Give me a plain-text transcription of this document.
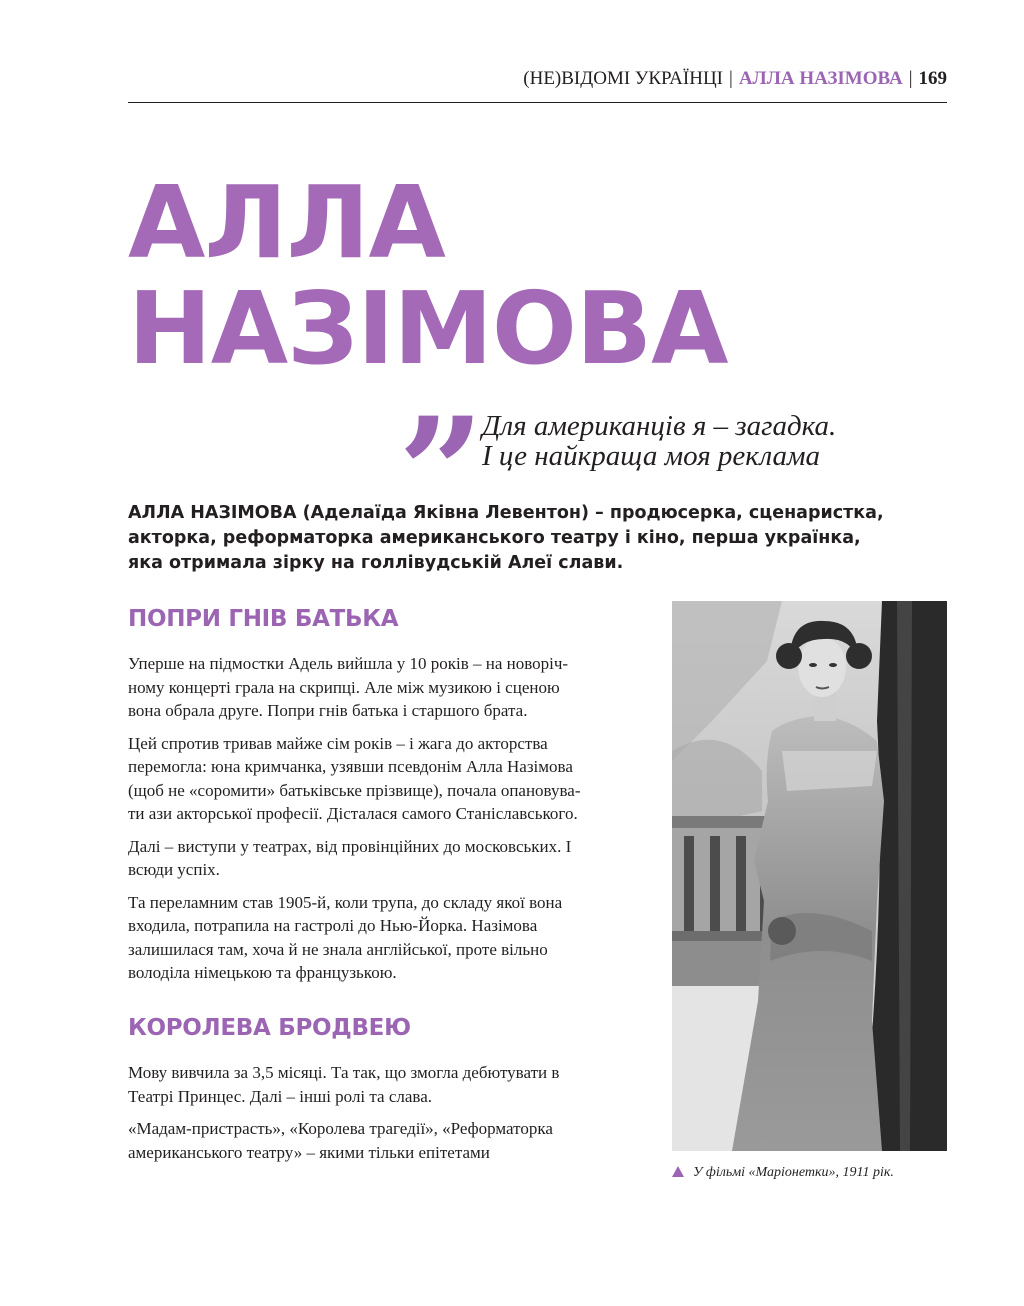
(НЕ)ВІДОМІ УКРАЇНЦІ | АЛЛА НАЗІМОВА | 169
АЛЛА
НАЗІМОВА
”
Для американців я – загадка.
І це найкраща моя реклама
АЛЛА НАЗІМОВА (Аделаїда Яківна Левентон) – продюсерка, сценаристка,
акторка, реформаторка американського театру і кіно, перша українка,
яка отримала зірку на голлівудській Алеї слави.
ПОПРИ ГНІВ БАТЬКА

Уперше на підмостки Адель вийшла у 10 років – на новоріч-
ному концерті грала на скрипці. Але між музикою і сценою
вона обрала друге. Попри гнів батька і старшого брата.

Цей спротив тривав майже сім років – і жага до акторства
перемогла: юна кримчанка, узявши псевдонім Алла Назімова
(щоб не «соромити» батьківське прізвище), почала опановува-
ти ази акторської професії. Дісталася самого Станіславського.

Далі – виступи у театрах, від провінційних до московських. І
всюди успіх.

Та переламним став 1905-й, коли трупа, до складу якої вона
входила, потрапила на гастролі до Нью-Йорка. Назімова
залишилася там, хоча й не знала англійської, проте вільно
володіла німецькою та французькою.

КОРОЛЕВА БРОДВЕЮ

Мову вивчила за 3,5 місяці. Та так, що змогла дебютувати в
Театрі Принцес. Далі – інші ролі та слава.

«Мадам-пристрасть», «Королева трагедії», «Реформаторка
американського театру» – якими тільки епітетами

У фільмі «Маріонетки», 1911 рік.
